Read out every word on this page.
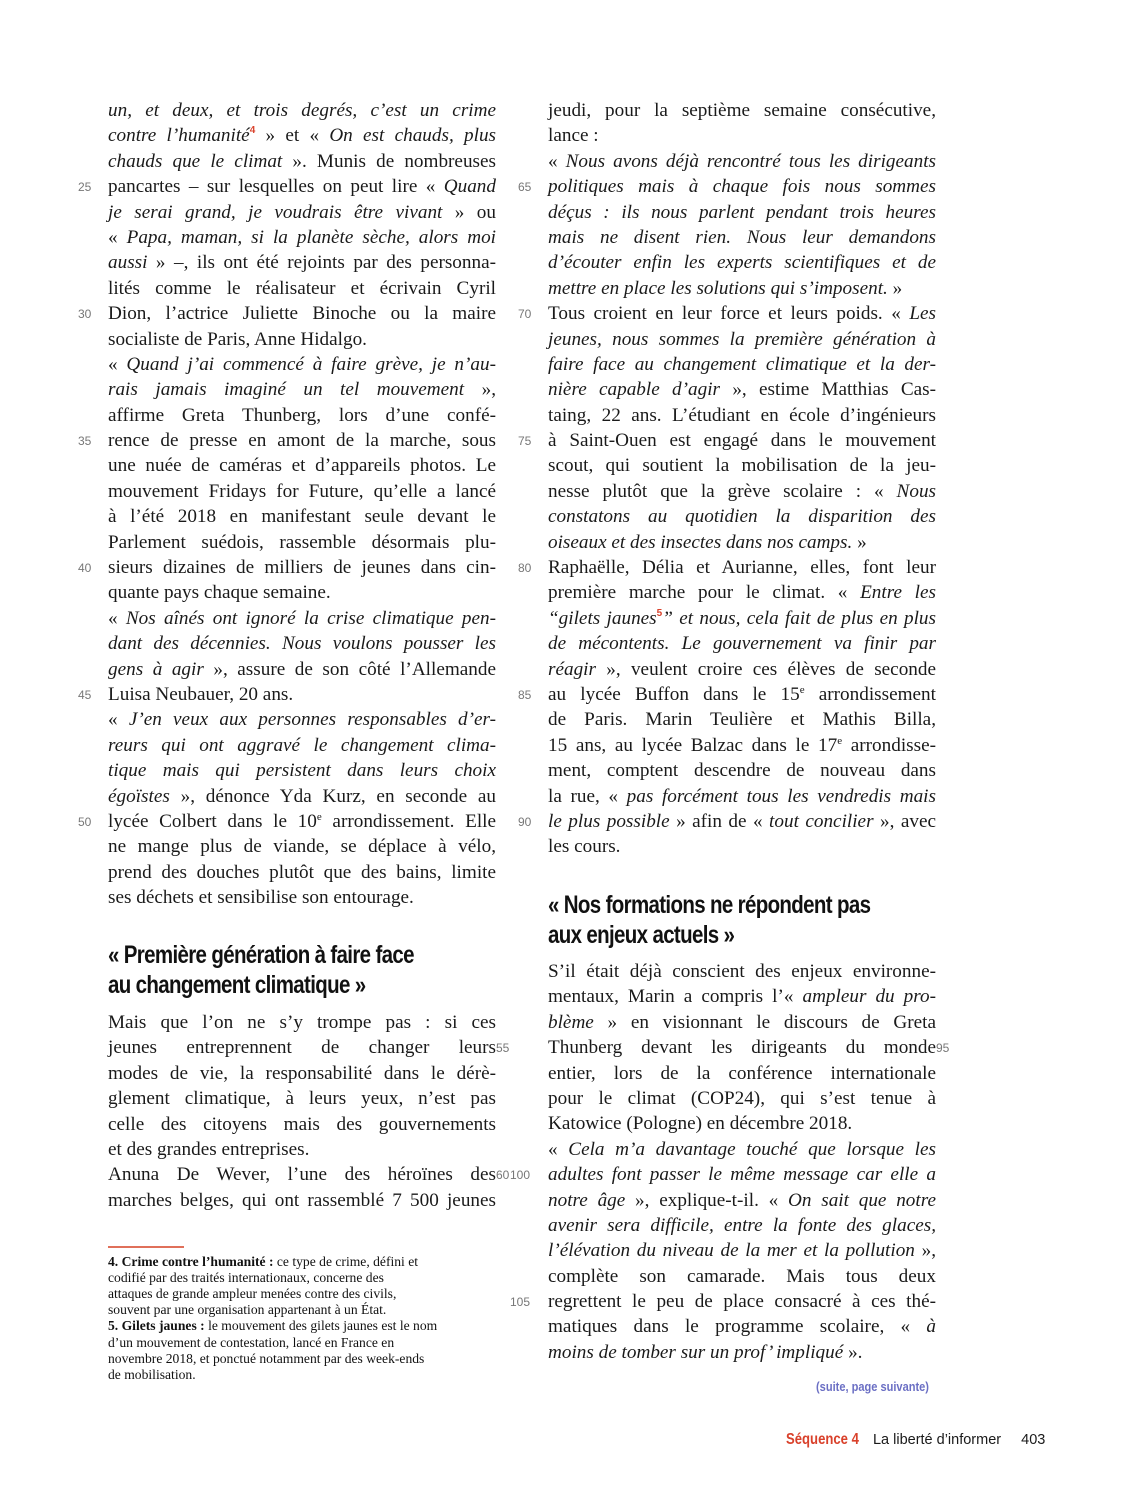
un, et deux, et trois degrés, c’est un crime
contre l’humanité$^4$ » et « On est chauds, plus
chauds que le climat ». Munis de nombreuses
pancartes – sur lesquelles on peut lire « Quand
25
je serai grand, je voudrais être vivant » ou
« Papa, maman, si la planète sèche, alors moi
aussi » –, ils ont été rejoints par des personna-
lités comme le réalisateur et écrivain Cyril
Dion, l’actrice Juliette Binoche ou la maire
30
socialiste de Paris, Anne Hidalgo.
« Quand j’ai commencé à faire grève, je n’au-
rais jamais imaginé un tel mouvement »,
affirme Greta Thunberg, lors d’une confé-
rence de presse en amont de la marche, sous
35
une nuée de caméras et d’appareils photos. Le
mouvement Fridays for Future, qu’elle a lancé
à l’été 2018 en manifestant seule devant le
Parlement suédois, rassemble désormais plu-
sieurs dizaines de milliers de jeunes dans cin-
40
quante pays chaque semaine.
« Nos aînés ont ignoré la crise climatique pen-
dant des décennies. Nous voulons pousser les
gens à agir », assure de son côté l’Allemande
Luisa Neubauer, 20 ans.
45
« J’en veux aux personnes responsables d’er-
reurs qui ont aggravé le changement clima-
tique mais qui persistent dans leurs choix
égoïstes », dénonce Yda Kurz, en seconde au
lycée Colbert dans le 10e arrondissement. Elle
50
ne mange plus de viande, se déplace à vélo,
prend des douches plutôt que des bains, limite
ses déchets et sensibilise son entourage.
« Première génération à faire face
au changement climatique »
Mais que l’on ne s’y trompe pas : si ces
jeunes entreprennent de changer leurs 55
modes de vie, la responsabilité dans le dérè-
glement climatique, à leurs yeux, n’est pas
celle des citoyens mais des gouvernements
et des grandes entreprises.
Anuna De Wever, l’une des héroïnes des 60
marches belges, qui ont rassemblé 7 500 jeunes
4. Crime contre l’humanité : ce type de crime, défini et
codifié par des traités internationaux, concerne des
attaques de grande ampleur menées contre des civils,
souvent par une organisation appartenant à un État.
5. Gilets jaunes : le mouvement des gilets jaunes est le nom
d’un mouvement de contestation, lancé en France en
novembre 2018, et ponctué notamment par des week-ends
de mobilisation.
jeudi, pour la septième semaine consécutive,
lance :
« Nous avons déjà rencontré tous les dirigeants
politiques mais à chaque fois nous sommes
65
déçus : ils nous parlent pendant trois heures
mais ne disent rien. Nous leur demandons
d’écouter enfin les experts scientifiques et de
mettre en place les solutions qui s’imposent. »
Tous croient en leur force et leurs poids. « Les
70
jeunes, nous sommes la première génération à
faire face au changement climatique et la der-
nière capable d’agir », estime Matthias Cas-
taing, 22 ans. L’étudiant en école d’ingénieurs
à Saint-Ouen est engagé dans le mouvement
75
scout, qui soutient la mobilisation de la jeu-
nesse plutôt que la grève scolaire : « Nous
constatons au quotidien la disparition des
oiseaux et des insectes dans nos camps. »
Raphaëlle, Délia et Aurianne, elles, font leur
80
première marche pour le climat. « Entre les
“gilets jaunes$^5$” et nous, cela fait de plus en plus
de mécontents. Le gouvernement va finir par
réagir », veulent croire ces élèves de seconde
au lycée Buffon dans le 15e arrondissement
85
de Paris. Marin Teulière et Mathis Billa,
15 ans, au lycée Balzac dans le 17e arrondisse-
ment, comptent descendre de nouveau dans
la rue, « pas forcément tous les vendredis mais
le plus possible » afin de « tout concilier », avec
90
les cours.
« Nos formations ne répondent pas
aux enjeux actuels »
S’il était déjà conscient des enjeux environne-
mentaux, Marin a compris l’« ampleur du pro-
blème » en visionnant le discours de Greta
Thunberg devant les dirigeants du monde 95
entier, lors de la conférence internationale
pour le climat (COP24), qui s’est tenue à
Katowice (Pologne) en décembre 2018.
« Cela m’a davantage touché que lorsque les
adultes font passer le même message car elle a
100
notre âge », explique-t-il. « On sait que notre
avenir sera difficile, entre la fonte des glaces,
l’élévation du niveau de la mer et la pollution »,
complète son camarade. Mais tous deux
regrettent le peu de place consacré à ces thé-
105
matiques dans le programme scolaire, « à
moins de tomber sur un prof’ impliqué ».
(suite, page suivante)
Séquence 4 La liberté d’informer 403
